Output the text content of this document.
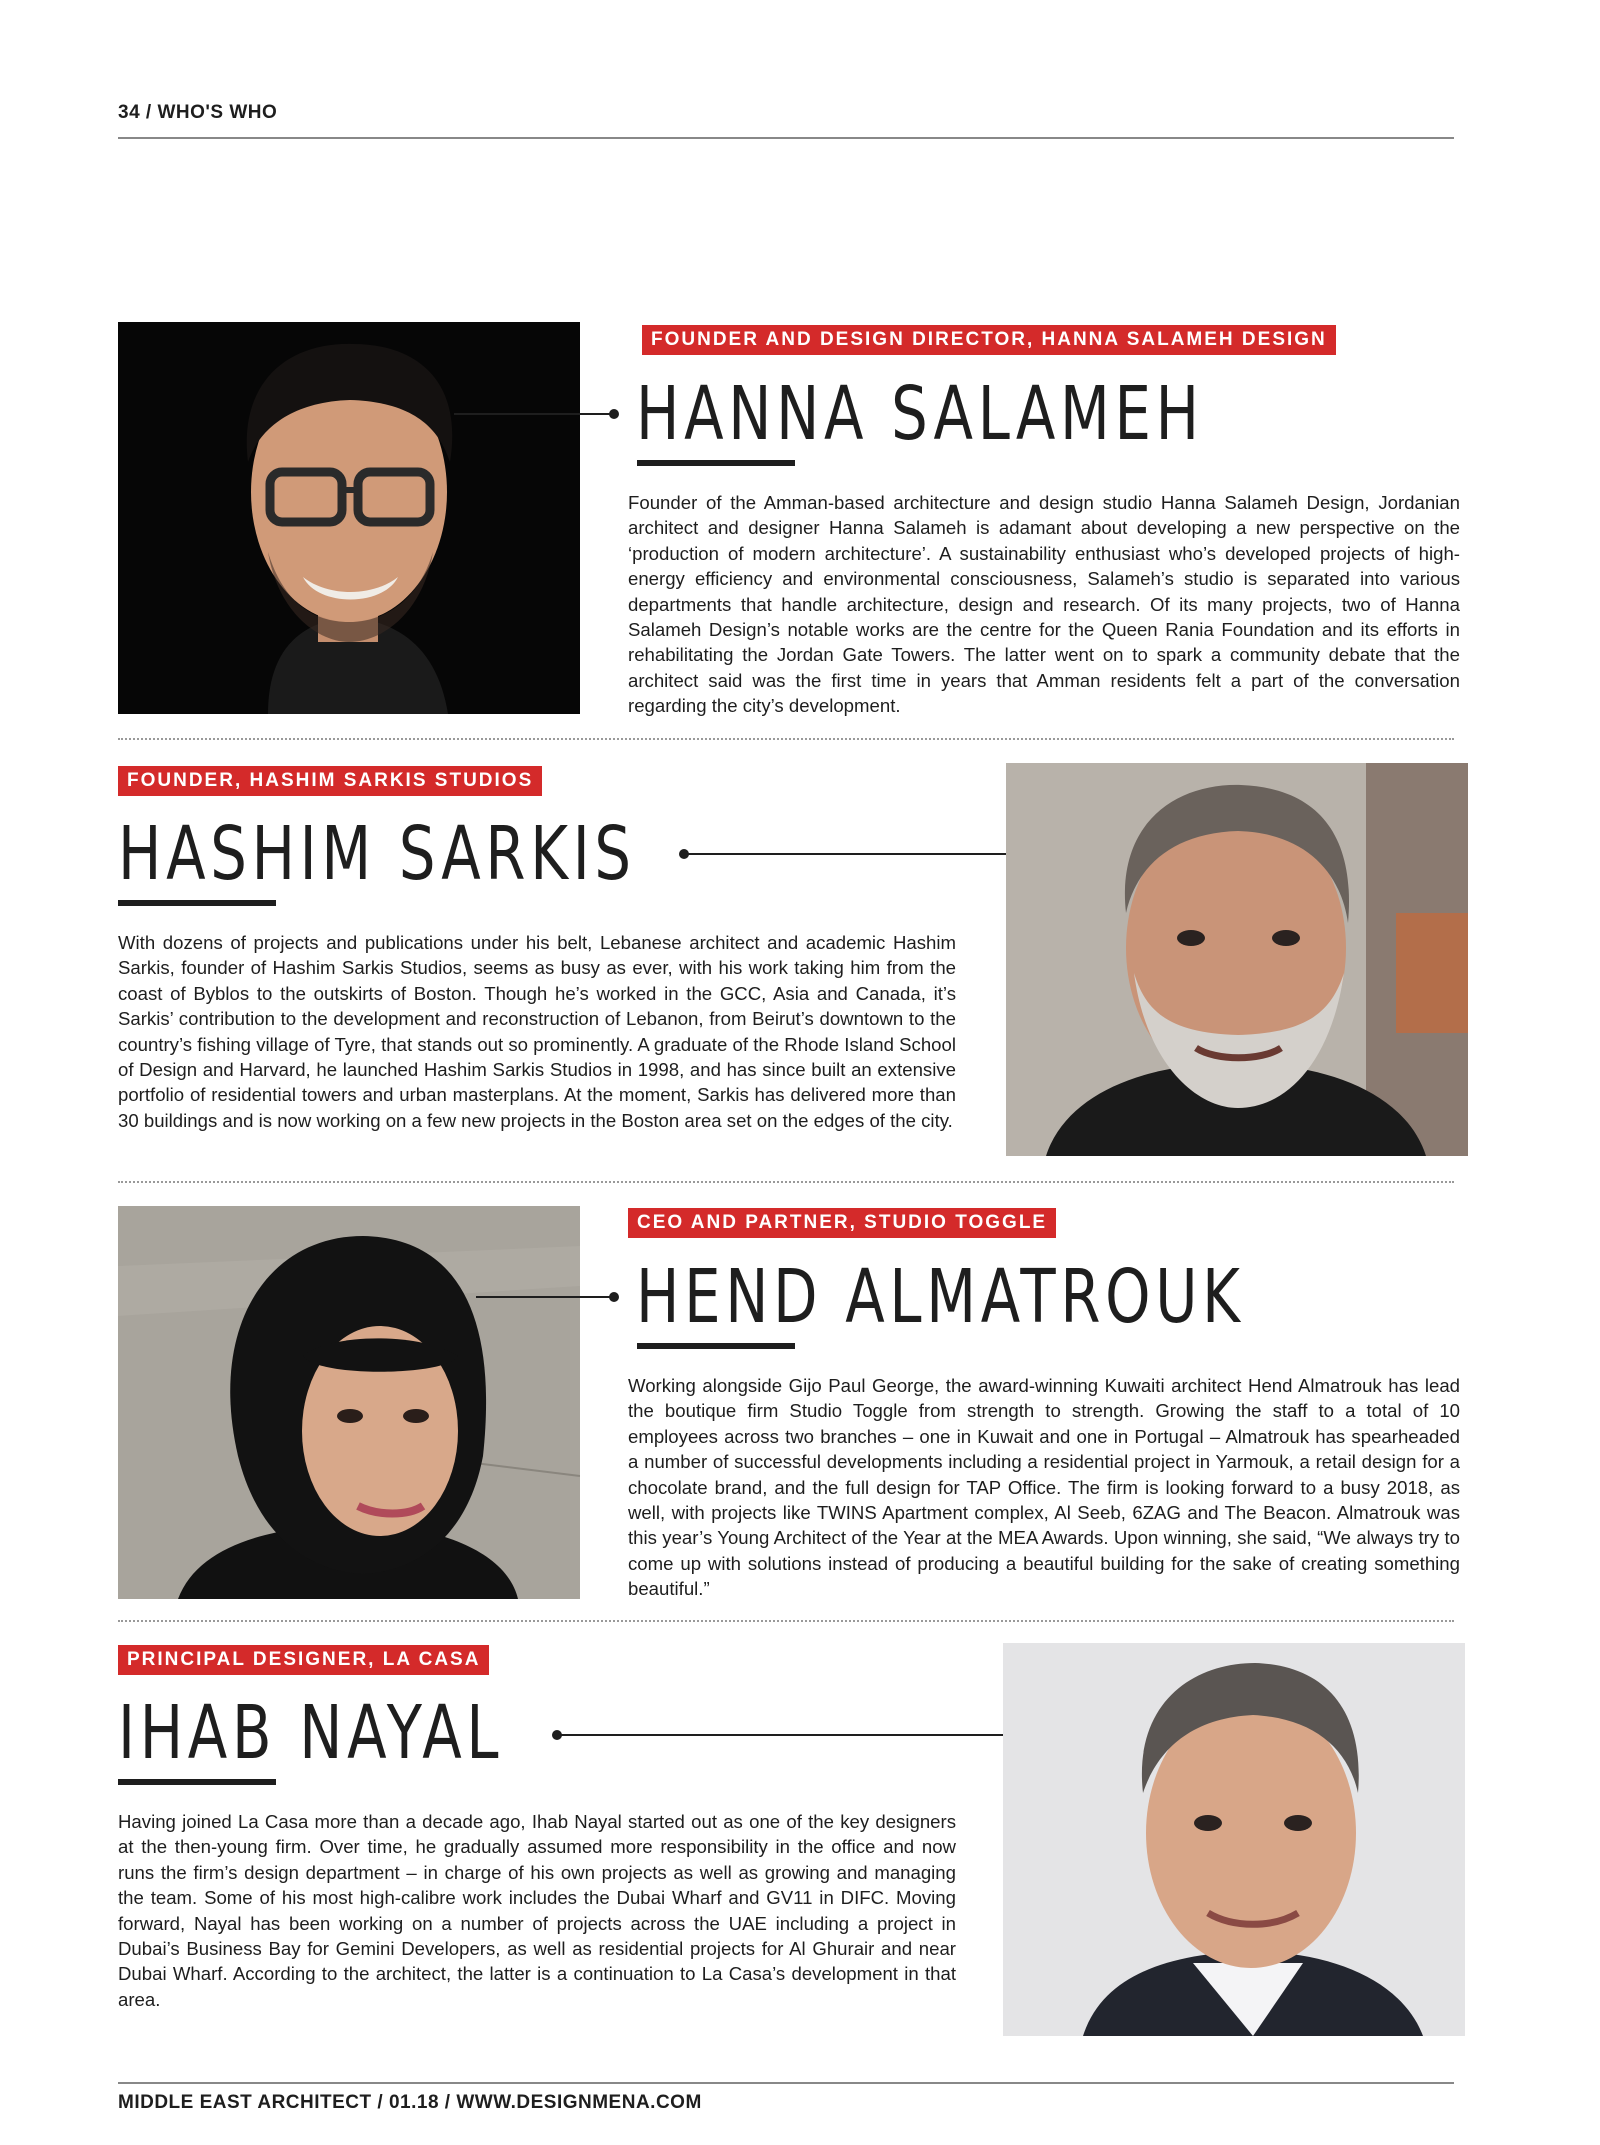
34 / WHO'S WHO
FOUNDER AND DESIGN DIRECTOR, HANNA SALAMEH DESIGN
HANNA SALAMEH

Founder of the Amman-based architecture and design studio Hanna Salameh Design, Jordanian architect and designer Hanna Salameh is adamant about developing a new perspective on the ‘production of modern architecture’. A sustainability enthusiast who’s developed projects of high-energy efficiency and environmental consciousness, Salameh’s studio is separated into various departments that handle architecture, design and research. Of its many projects, two of Hanna Salameh Design’s notable works are the centre for the Queen Rania Foundation and its efforts in rehabilitating the Jordan Gate Towers. The latter went on to spark a community debate that the architect said was the first time in years that Amman residents felt a part of the conversation regarding the city’s development.

FOUNDER, HASHIM SARKIS STUDIOS
HASHIM SARKIS

With dozens of projects and publications under his belt, Lebanese architect and academic Hashim Sarkis, founder of Hashim Sarkis Studios, seems as busy as ever, with his work taking him from the coast of Byblos to the outskirts of Boston. Though he’s worked in the GCC, Asia and Canada, it’s Sarkis’ contribution to the development and reconstruction of Lebanon, from Beirut’s downtown to the country’s fishing village of Tyre, that stands out so prominently. A graduate of the Rhode Island School of Design and Harvard, he launched Hashim Sarkis Studios in 1998, and has since built an extensive portfolio of residential towers and urban masterplans. At the moment, Sarkis has delivered more than 30 buildings and is now working on a few new projects in the Boston area set on the edges of the city.

CEO AND PARTNER, STUDIO TOGGLE
HEND ALMATROUK

Working alongside Gijo Paul George, the award-winning Kuwaiti architect Hend Almatrouk has lead the boutique firm Studio Toggle from strength to strength. Growing the staff to a total of 10 employees across two branches – one in Kuwait and one in Portugal – Almatrouk has spearheaded a number of successful developments including a residential project in Yarmouk, a retail design for a chocolate brand, and the full design for TAP Office. The firm is looking forward to a busy 2018, as well, with projects like TWINS Apartment complex, Al Seeb, 6ZAG and The Beacon. Almatrouk was this year’s Young Architect of the Year at the MEA Awards. Upon winning, she said, “We always try to come up with solutions instead of producing a beautiful building for the sake of creating something beautiful.”

PRINCIPAL DESIGNER, LA CASA
IHAB NAYAL

Having joined La Casa more than a decade ago, Ihab Nayal started out as one of the key designers at the then-young firm. Over time, he gradually assumed more responsibility in the office and now runs the firm’s design department – in charge of his own projects as well as growing and managing the team. Some of his most high-calibre work includes the Dubai Wharf and GV11 in DIFC. Moving forward, Nayal has been working on a number of projects across the UAE including a project in Dubai’s Business Bay for Gemini Developers, as well as residential projects for Al Ghurair and near Dubai Wharf. According to the architect, the latter is a continuation to La Casa’s development in that area.

MIDDLE EAST ARCHITECT / 01.18 / WWW.DESIGNMENA.COM
